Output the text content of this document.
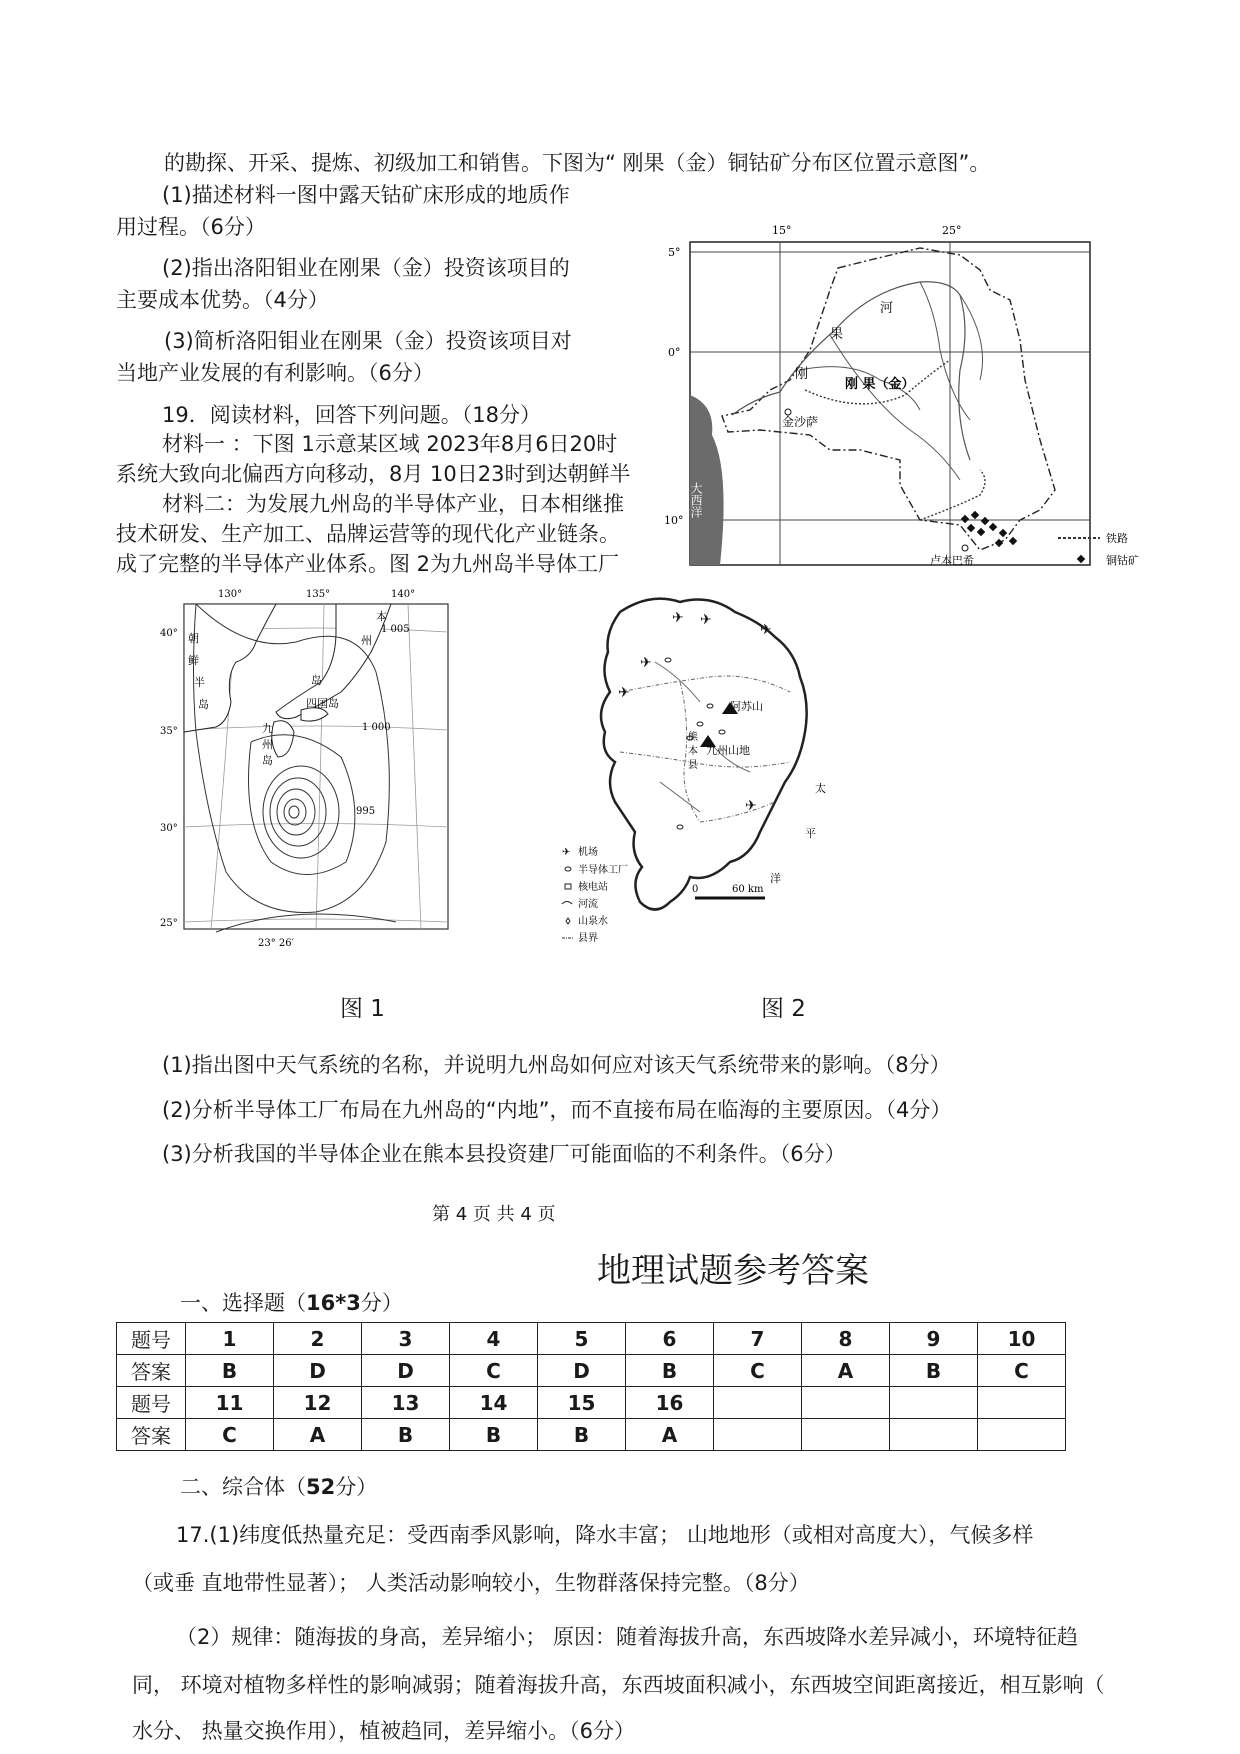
的勘探、开采、提炼、初级加工和销售。下图为“ 刚果（金）铜钴矿分布区位置示意图”。
(1)描述材料一图中露天钴矿床形成的地质作
用过程。（6分）
(2)指出洛阳钼业在刚果（金）投资该项目的
主要成本优势。（4分）
(3)简析洛阳钼业在刚果（金）投资该项目对
当地产业发展的有利影响。（6分）
19．阅读材料，回答下列问题。（18分）
材料一 ：下图 1示意某区域 2023年8月6日20时
系统大致向北偏西方向移动，8月 10日23时到达朝鲜半
材料二：为发展九州岛的半导体产业，日本相继推
技术研发、生产加工、品牌运营等的现代化产业链条。
成了完整的半导体产业体系。图 2为九州岛半导体工厂
15°	25°
5°
0°
10°
河
果
刚
刚 果（金）
金沙萨
卢本巴希
大西洋
铁路
铜钴矿
130°	135°	140°
40°
35°
30°
25°
23° 26′
朝
鲜
半
岛
本
州
岛
九
州
岛
四国岛
1 005
1 000
995
✈ ✈
✈
✈
✈
✈
阿苏山
熊
本
县
九州山地
太
平
洋
0	60 km
✈ 机场
半导体工厂
核电站
河流
山泉水
县界
图 1	图 2
(1)指出图中天气系统的名称，并说明九州岛如何应对该天气系统带来的影响。（8分）
(2)分析半导体工厂布局在九州岛的“内地”，而不直接布局在临海的主要原因。（4分）
(3)分析我国的半导体企业在熊本县投资建厂可能面临的不利条件。（6分）
第 4 页 共 4 页
地理试题参考答案
一、选择题（16*3分）
题号	1	2	3	4	5	6	7	8	9	10
答案	B	D	D	C	D	B	C	A	B	C
题号	11	12	13	14	15	16				
答案	C	A	B	B	B	A				
二、综合体（52分）
17.(1)纬度低热量充足：受西南季风影响，降水丰富； 山地地形（或相对高度大），气候多样
（或垂 直地带性显著）； 人类活动影响较小，生物群落保持完整。（8分）
（2）规律：随海拔的身高，差异缩小； 原因：随着海拔升高，东西坡降水差异减小，环境特征趋
同， 环境对植物多样性的影响减弱；随着海拔升高，东西坡面积减小，东西坡空间距离接近，相互影响（
水分、 热量交换作用），植被趋同，差异缩小。（6分）
